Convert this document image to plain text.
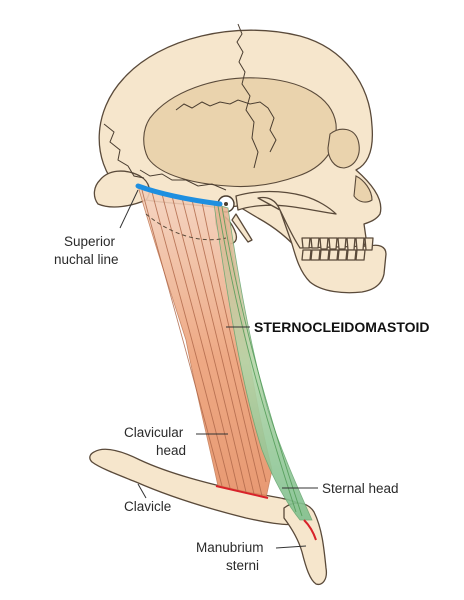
Superior
nuchal line
STERNOCLEIDOMASTOID
Clavicular
head
Sternal head
Clavicle
Manubrium
sterni
